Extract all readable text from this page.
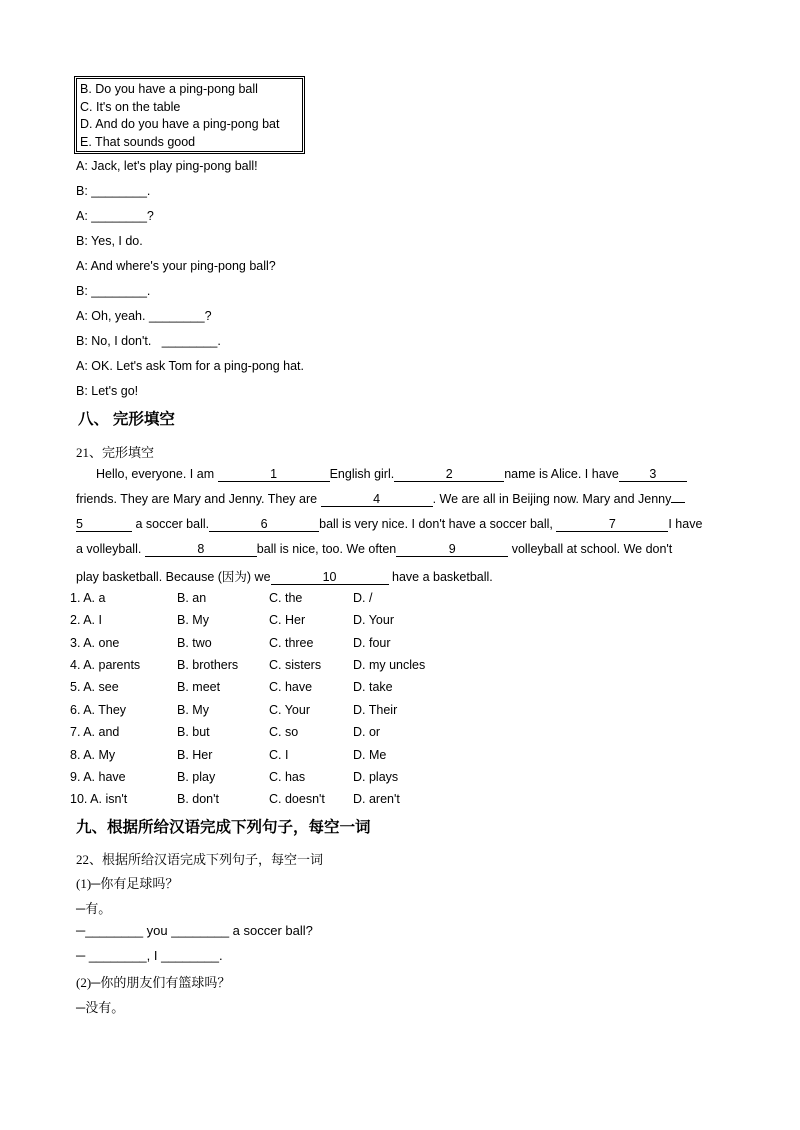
B. Do you have a ping-pong ball
C. It's on the table
D. And do you have a ping-pong bat
E. That sounds good
A: Jack, let's play ping-pong ball!
B: ________.
A: ________?
B: Yes, I do.
A: And where's your ping-pong ball?
B: ________.
A: Oh, yeah. ________?
B: No, I don't.   ________.
A: OK. Let's ask Tom for a ping-pong hat.
B: Let's go!
八、 完形填空
21、完形填空
Hello, everyone. I am	1	English girl.	2	name is Alice. I have 3
friends. They are Mary and Jenny. They are	4	. We are all in Beijing now. Mary and Jenny
5	a soccer ball.	6	ball is very nice. I don't have a soccer ball,	7	I have
a volleyball.	8	ball is nice, too. We often	9	volleyball at school. We don't
play basketball. Because (因为) we	10	have a basketball.
1. A. a	B. an	C. the	D. /
2. A. I	B. My	C. Her	D. Your
3. A. one	B. two	C. three	D. four
4. A. parents	B. brothers C. sisters	D. my uncles
5. A. see	B. meet	C. have	D. take
6. A. They	B. My	C. Your	D. Their
7. A. and	B. but	C. so	D. or
8. A. My	B. Her	C. I	D. Me
9. A. have	B. play	C. has	D. plays
10. A. isn't	B. don't	C. doesn't D. aren't
九、根据所给汉语完成下列句子，每空一词
22、根据所给汉语完成下列句子，每空一词
(1)─你有足球吗？
─有。
─________ you ________ a soccer ball?
─ ________, I ________.
(2)─你的朋友们有篮球吗？
─没有。
